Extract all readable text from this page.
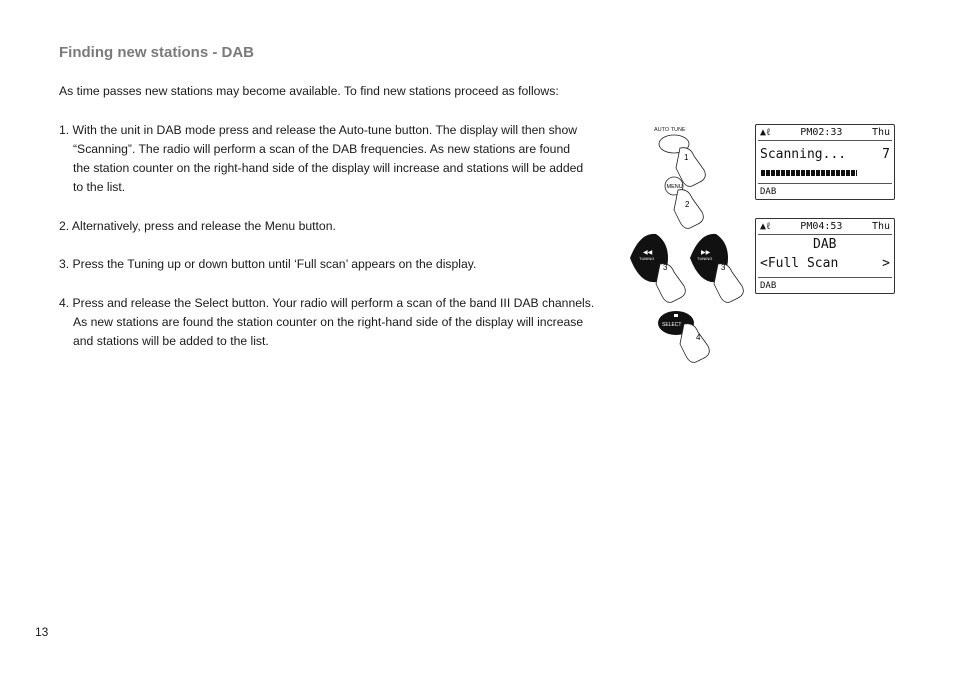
Finding new stations - DAB
As time passes new stations may become available. To find new stations proceed as follows:
1. With the unit in DAB mode press and release the Auto-tune button. The display will then show
“Scanning”. The radio will perform a scan of the DAB frequencies. As new stations are found
the station counter on the right-hand side of the display will increase and stations will be added
to the list.
2. Alternatively, press and release the Menu button.
3. Press the Tuning up or down button until ‘Full scan’ appears on the display.
4. Press and release the Select button. Your radio will perform a scan of the band III DAB channels.
As new stations are found the station counter on the right-hand side of the display will increase
and stations will be added to the list.
13
AUTO TUNE
1
MENU
2
TUNING
◀◀
3
TUNING
▶▶
3
SELECT
4
▲ℓ	PM02:33	Thu
Scanning...	7
DAB
▲ℓ	PM04:53	Thu
DAB
<Full Scan	>
DAB
